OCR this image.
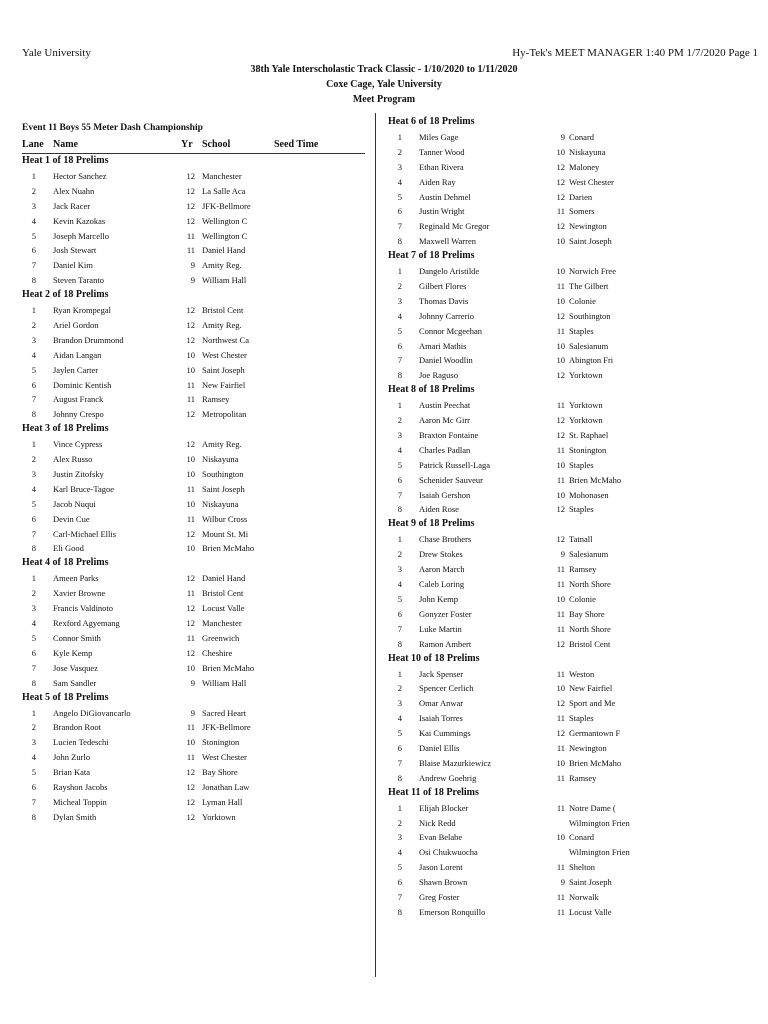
Yale University	Hy-Tek's MEET MANAGER 1:40 PM 1/7/2020 Page 1
38th Yale Interscholastic Track Classic - 1/10/2020 to 1/11/2020
Coxe Cage, Yale University
Meet Program
Event 11 Boys 55 Meter Dash Championship
Lane Name	Yr School	Seed Time
Heat 1 of 18 Prelims
1 Hector Sanchez	12 Manchester
2 Alex Nuahn	12 La Salle Aca
3 Jack Racer	12 JFK-Bellmore
4 Kevin Kazokas	12 Wellington C
5 Joseph Marcello	11 Wellington C
6 Josh Stewart	11 Daniel Hand
7 Daniel Kim	9 Amity Reg.
8 Steven Taranto	9 William Hall
Heat 2 of 18 Prelims
1 Ryan Krompegal	12 Bristol Cent
2 Ariel Gordon	12 Amity Reg.
3 Brandon Drummond	12 Northwest Ca
4 Aidan Langan	10 West Chester
5 Jaylen Carter	10 Saint Joseph
6 Dominic Kentish	11 New Fairfiel
7 August Franck	11 Ramsey
8 Johnny Crespo	12 Metropolitan
Heat 3 of 18 Prelims
1 Vince Cypress	12 Amity Reg.
2 Alex Russo	10 Niskayuna
3 Justin Zitofsky	10 Southington
4 Karl Bruce-Tagoe	11 Saint Joseph
5 Jacob Nuqui	10 Niskayuna
6 Devin Cue	11 Wilbur Cross
7 Carl-Michael Ellis	12 Mount St. Mi
8 Eli Good	10 Brien McMaho
Heat 4 of 18 Prelims
1 Ameen Parks	12 Daniel Hand
2 Xavier Browne	11 Bristol Cent
3 Francis Valdinoto	12 Locust Valle
4 Rexford Agyemang	12 Manchester
5 Connor Smith	11 Greenwich
6 Kyle Kemp	12 Cheshire
7 Jose Vasquez	10 Brien McMaho
8 Sam Sandler	9 William Hall
Heat 5 of 18 Prelims
1 Angelo DiGiovancarlo	9 Sacred Heart
2 Brandon Root	11 JFK-Bellmore
3 Lucien Tedeschi	10 Stonington
4 John Zurlo	11 West Chester
5 Brian Kata	12 Bay Shore
6 Rayshon Jacobs	12 Jonathan Law
7 Micheal Toppin	12 Lyman Hall
8 Dylan Smith	12 Yorktown
Heat 6 of 18 Prelims
1 Miles Gage	9 Conard
2 Tanner Wood	10 Niskayuna
3 Ethan Rivera	12 Maloney
4 Aiden Ray	12 West Chester
5 Austin Dehmel	12 Darien
6 Justin Wright	11 Somers
7 Reginald Mc Gregor	12 Newington
8 Maxwell Warren	10 Saint Joseph
Heat 7 of 18 Prelims
1 Dangelo Aristilde	10 Norwich Free
2 Gilbert Flores	11 The Gilbert
3 Thomas Davis	10 Colonie
4 Johnny Carrerio	12 Southington
5 Connor Mcgeehan	11 Staples
6 Amari Mathis	10 Salesianum
7 Daniel Woodlin	10 Abington Fri
8 Joe Raguso	12 Yorktown
Heat 8 of 18 Prelims
1 Austin Peechat	11 Yorktown
2 Aaron Mc Girr	12 Yorktown
3 Braxton Fontaine	12 St. Raphael
4 Charles Padlan	11 Stonington
5 Patrick Russell-Laga	10 Staples
6 Schenider Sauveur	11 Brien McMaho
7 Isaiah Gershon	10 Mohonasen
8 Aiden Rose	12 Staples
Heat 9 of 18 Prelims
1 Chase Brothers	12 Tatnall
2 Drew Stokes	9 Salesianum
3 Aaron March	11 Ramsey
4 Caleb Loring	11 North Shore
5 John Kemp	10 Colonie
6 Gonyzer Foster	11 Bay Shore
7 Luke Martin	11 North Shore
8 Ramon Ambert	12 Bristol Cent
Heat 10 of 18 Prelims
1 Jack Spenser	11 Weston
2 Spencer Cerlich	10 New Fairfiel
3 Omar Anwar	12 Sport and Me
4 Isaiah Torres	11 Staples
5 Kai Cummings	12 Germantown F
6 Daniel Ellis	11 Newington
7 Blaise Mazurkiewicz	10 Brien McMaho
8 Andrew Goehrig	11 Ramsey
Heat 11 of 18 Prelims
1 Elijah Blocker	11 Notre Dame (
2 Nick Redd	Wilmington Frien
3 Evan Belabe	10 Conard
4 Osi Chukwuocha	Wilmington Frien
5 Jason Lorent	11 Shelton
6 Shawn Brown	9 Saint Joseph
7 Greg Foster	11 Norwalk
8 Emerson Ronquillo	11 Locust Valle
